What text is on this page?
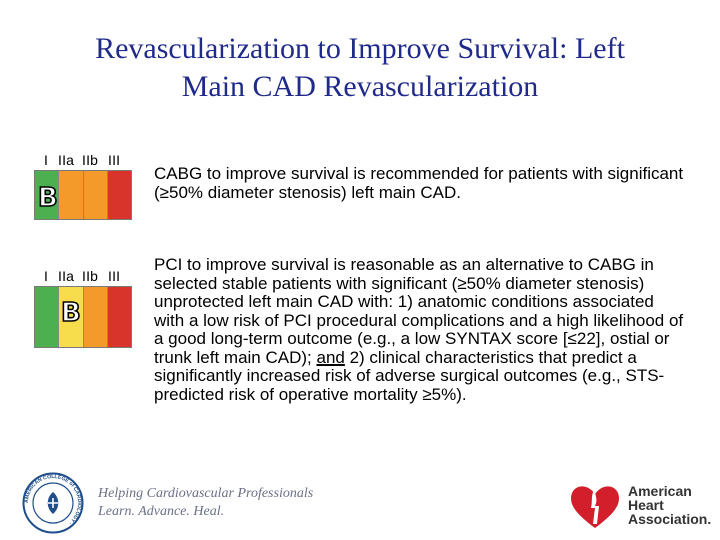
Revascularization to Improve Survival: Left
Main CAD Revascularization
I IIa IIb III
B

CABG to improve survival is recommended for patients with significant (≥50% diameter stenosis) left main CAD.

I IIa IIb III
B

PCI to improve survival is reasonable as an alternative to CABG in selected stable patients with significant (≥50% diameter stenosis) unprotected left main CAD with: 1) anatomic conditions associated with a low risk of PCI procedural complications and a high likelihood of a good long-term outcome (e.g., a low SYNTAX score [≤22], ostial or trunk left main CAD); and 2) clinical characteristics that predict a significantly increased risk of adverse surgical outcomes (e.g., STS-predicted risk of operative mortality ≥5%).

AMERICAN COLLEGE of CARDIOLOGY ·
Helping Cardiovascular Professionals
Learn. Advance. Heal.
American
Heart
Association.
